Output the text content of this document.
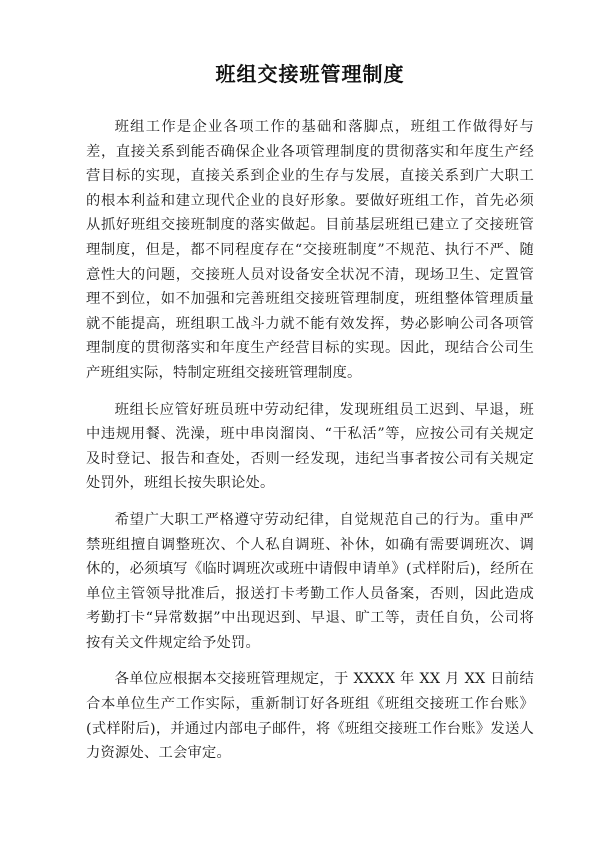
班组交接班管理制度

班组工作是企业各项工作的基础和落脚点，班组工作做得好与差，直接关系到能否确保企业各项管理制度的贯彻落实和年度生产经营目标的实现，直接关系到企业的生存与发展，直接关系到广大职工的根本利益和建立现代企业的良好形象。要做好班组工作，首先必须从抓好班组交接班制度的落实做起。目前基层班组已建立了交接班管理制度，但是，都不同程度存在“交接班制度”不规范、执行不严、随意性大的问题，交接班人员对设备安全状况不清，现场卫生、定置管理不到位，如不加强和完善班组交接班管理制度，班组整体管理质量就不能提高，班组职工战斗力就不能有效发挥，势必影响公司各项管理制度的贯彻落实和年度生产经营目标的实现。因此，现结合公司生产班组实际，特制定班组交接班管理制度。

班组长应管好班员班中劳动纪律，发现班组员工迟到、早退，班中违规用餐、洗澡，班中串岗溜岗、“干私活”等，应按公司有关规定及时登记、报告和查处，否则一经发现，违纪当事者按公司有关规定处罚外，班组长按失职论处。

希望广大职工严格遵守劳动纪律，自觉规范自己的行为。重申严禁班组擅自调整班次、个人私自调班、补休，如确有需要调班次、调休的，必须填写《临时调班次或班中请假申请单》(式样附后)，经所在单位主管领导批准后，报送打卡考勤工作人员备案，否则，因此造成考勤打卡“异常数据”中出现迟到、早退、旷工等，责任自负，公司将按有关文件规定给予处罚。

各单位应根据本交接班管理规定，于 XXXX 年 XX 月 XX 日前结合本单位生产工作实际，重新制订好各班组《班组交接班工作台账》(式样附后)，并通过内部电子邮件，将《班组交接班工作台账》发送人力资源处、工会审定。
